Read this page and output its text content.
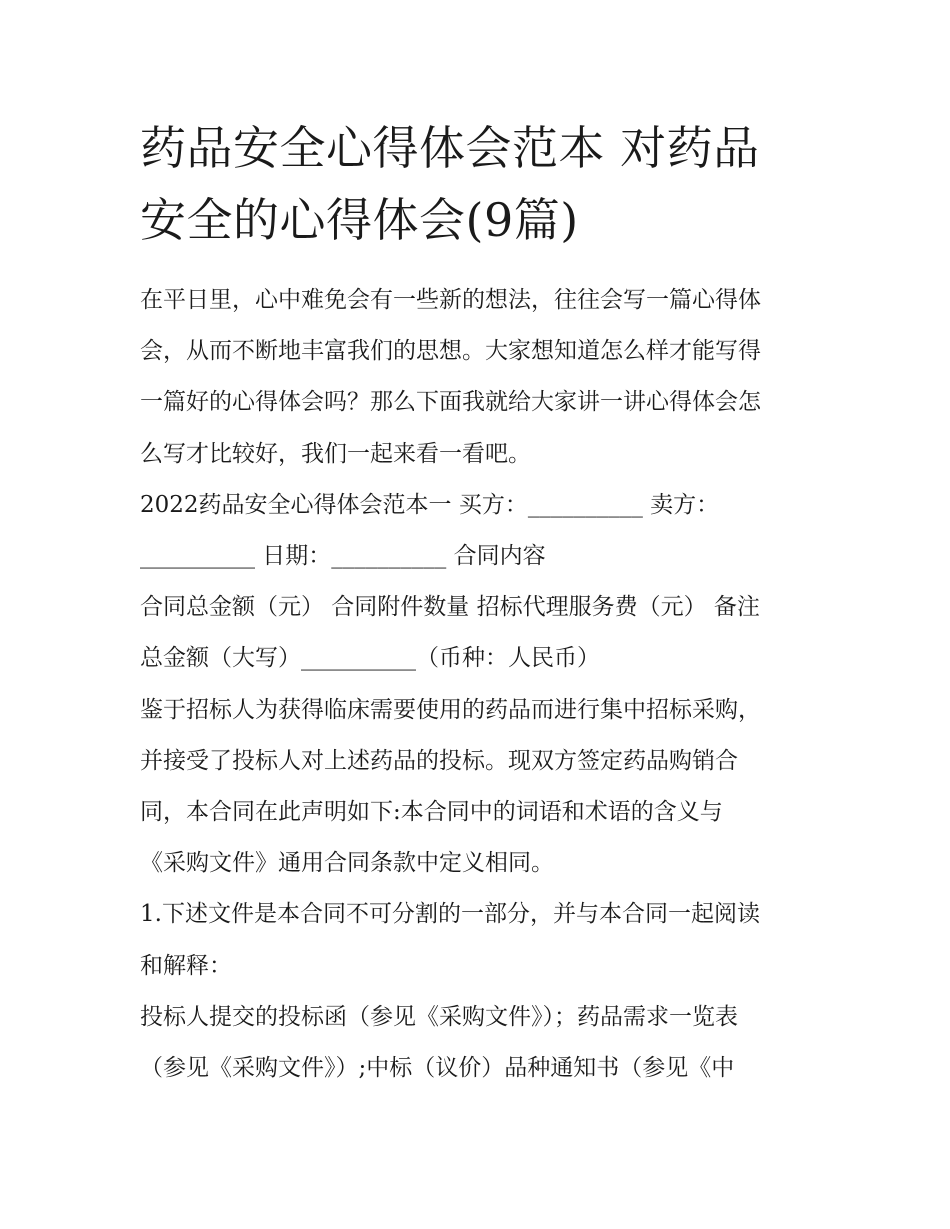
药品安全心得体会范本 对药品
安全的心得体会(9篇)
在平日里，心中难免会有一些新的想法，往往会写一篇心得体
会，从而不断地丰富我们的思想。大家想知道怎么样才能写得
一篇好的心得体会吗？那么下面我就给大家讲一讲心得体会怎
么写才比较好，我们一起来看一看吧。
2022药品安全心得体会范本一 买方：__________ 卖方：
__________ 日期：__________ 合同内容
合同总金额（元） 合同附件数量 招标代理服务费（元） 备注
总金额（大写）__________（币种：人民币）
鉴于招标人为获得临床需要使用的药品而进行集中招标采购，
并接受了投标人对上述药品的投标。现双方签定药品购销合
同，本合同在此声明如下:本合同中的词语和术语的含义与
《采购文件》通用合同条款中定义相同。
1.下述文件是本合同不可分割的一部分，并与本合同一起阅读
和解释：
投标人提交的投标函（参见《采购文件》）；药品需求一览表
（参见《采购文件》）;中标（议价）品种通知书（参见《中
